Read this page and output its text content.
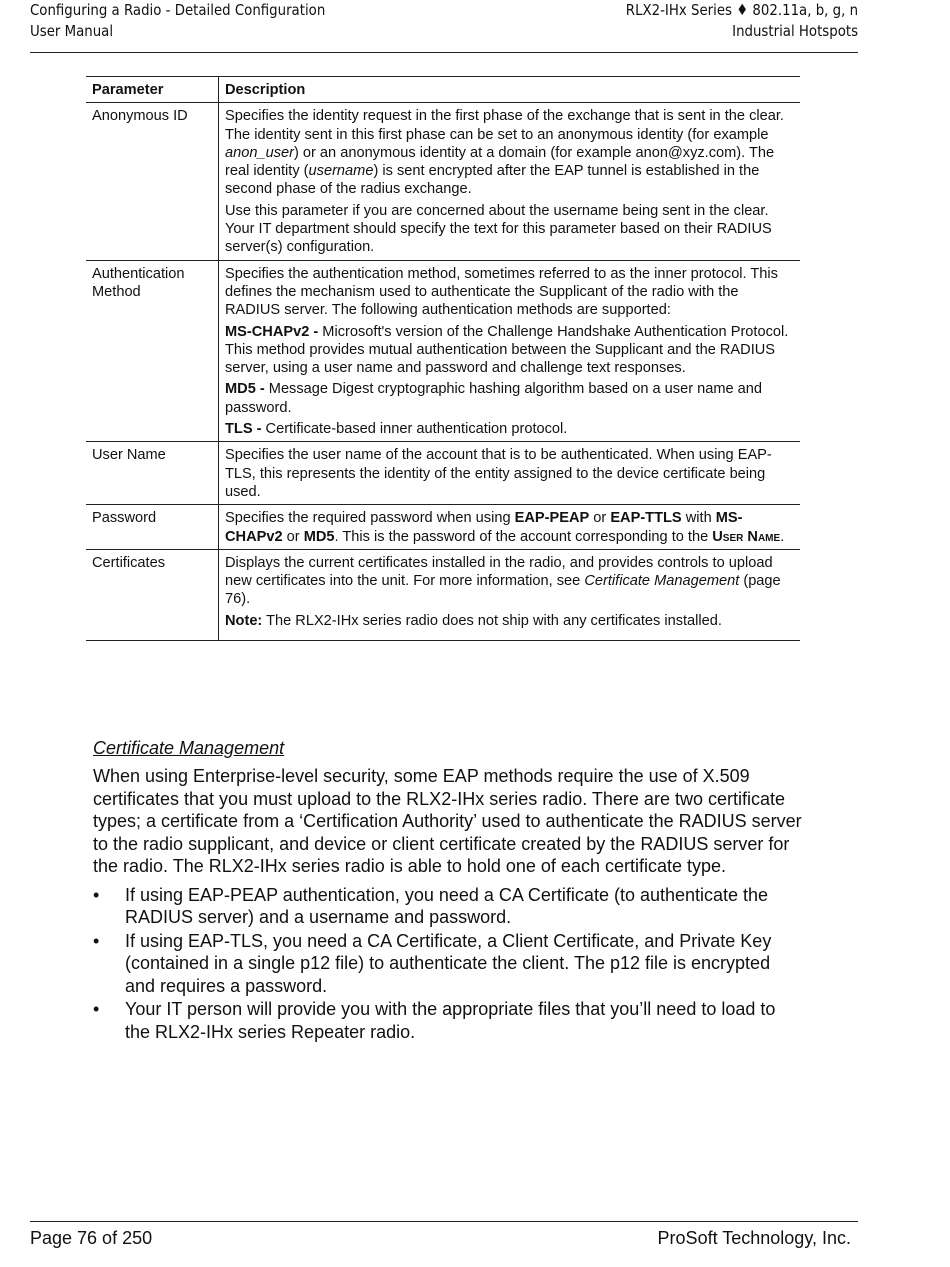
Configuring a Radio - Detailed Configuration
User Manual
RLX2-IHx Series ♦ 802.11a, b, g, n
Industrial Hotspots
Parameter	Description
Anonymous ID	Specifies the identity request in the first phase of the exchange that is sent in the clear. The identity sent in this first phase can be set to an anonymous identity (for example anon_user) or an anonymous identity at a domain (for example anon@xyz.com). The real identity (username) is sent encrypted after the EAP tunnel is established in the second phase of the radius exchange.

Use this parameter if you are concerned about the username being sent in the clear. Your IT department should specify the text for this parameter based on their RADIUS server(s) configuration.

Authentication Method	Specifies the authentication method, sometimes referred to as the inner protocol. This defines the mechanism used to authenticate the Supplicant of the radio with the RADIUS server. The following authentication methods are supported:

MS-CHAPv2 - Microsoft's version of the Challenge Handshake Authentication Protocol. This method provides mutual authentication between the Supplicant and the RADIUS server, using a user name and password and challenge text responses.

MD5 - Message Digest cryptographic hashing algorithm based on a user name and password.

TLS - Certificate-based inner authentication protocol.

User Name	Specifies the user name of the account that is to be authenticated. When using EAP-TLS, this represents the identity of the entity assigned to the device certificate being used.

Password	Specifies the required password when using EAP-PEAP or EAP-TTLS with MS-CHAPv2 or MD5. This is the password of the account corresponding to the User Name.

Certificates	Displays the current certificates installed in the radio, and provides controls to upload new certificates into the unit. For more information, see Certificate Management (page 76).

Note: The RLX2-IHx series radio does not ship with any certificates installed.

Certificate Management

When using Enterprise-level security, some EAP methods require the use of X.509 certificates that you must upload to the RLX2-IHx series radio. There are two certificate types; a certificate from a ‘Certification Authority’ used to authenticate the RADIUS server to the radio supplicant, and device or client certificate created by the RADIUS server for the radio. The RLX2-IHx series radio is able to hold one of each certificate type.

• If using EAP-PEAP authentication, you need a CA Certificate (to authenticate the RADIUS server) and a username and password.
• If using EAP-TLS, you need a CA Certificate, a Client Certificate, and Private Key (contained in a single p12 file) to authenticate the client. The p12 file is encrypted and requires a password.
• Your IT person will provide you with the appropriate files that you’ll need to load to the RLX2-IHx series Repeater radio.
Page 76 of 250	ProSoft Technology, Inc.
